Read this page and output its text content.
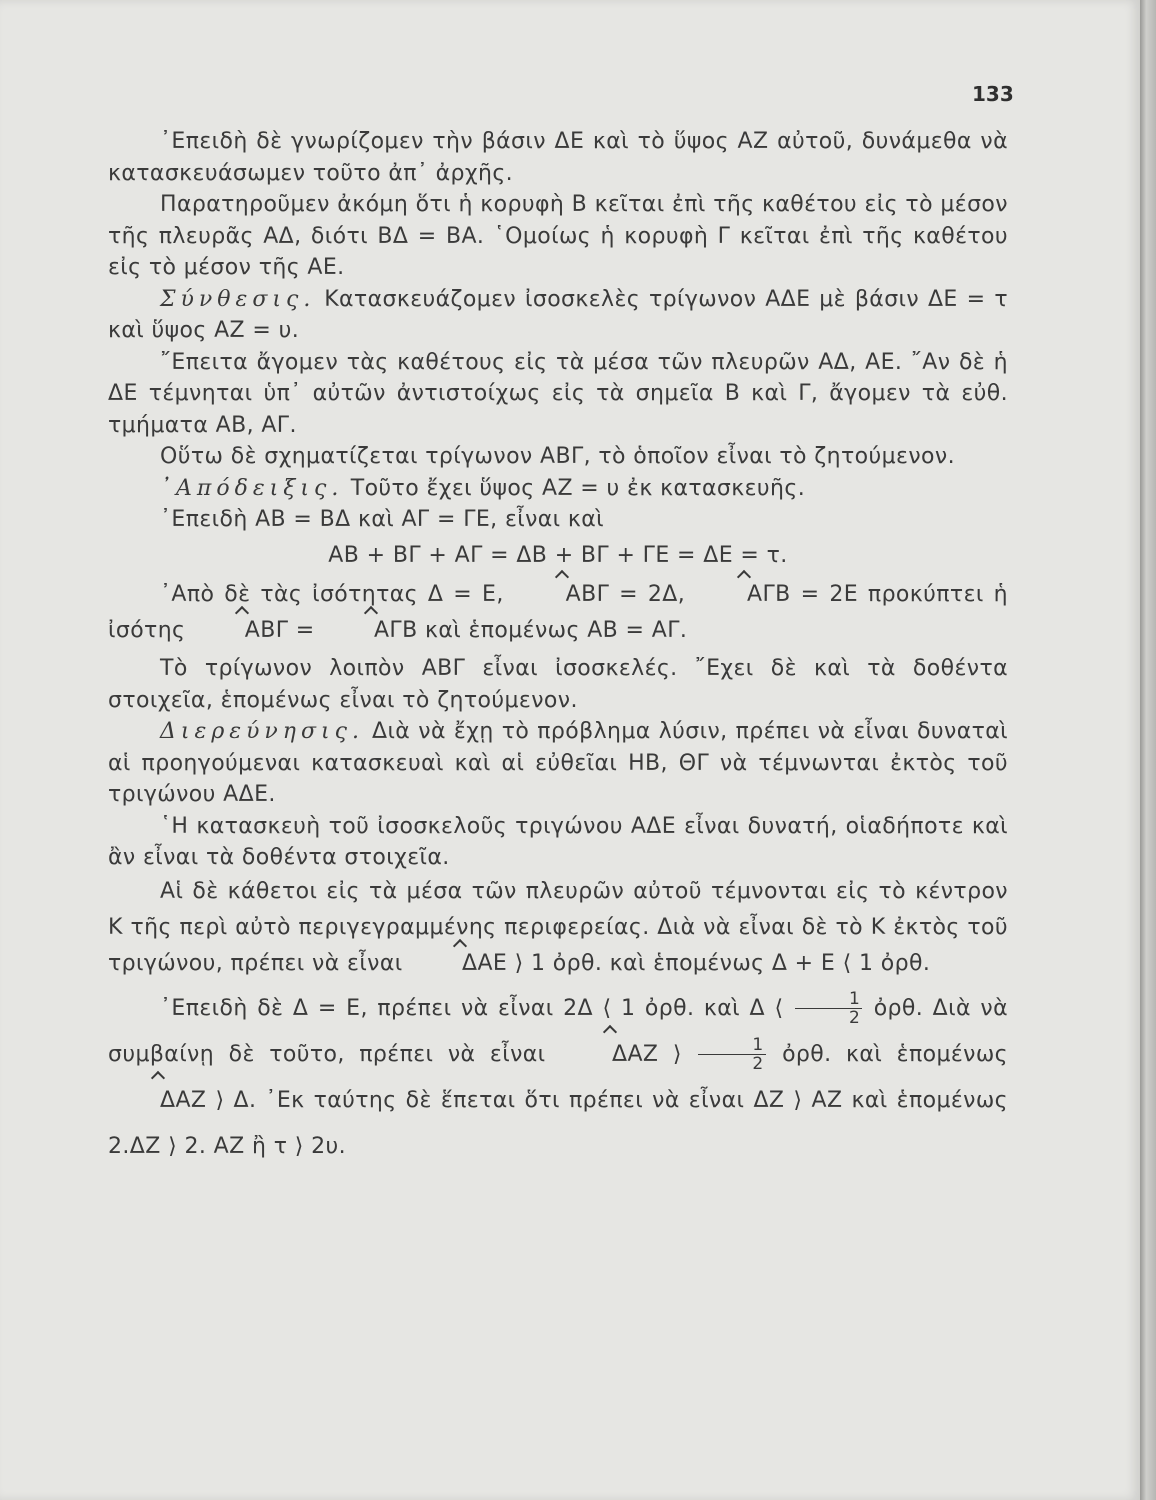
133

᾽Επειδὴ δὲ γνωρίζομεν τὴν βάσιν ΔΕ καὶ τὸ ὕψος ΑΖ αὐτοῦ, δυνάμεθα νὰ κατασκευάσωμεν τοῦτο ἀπ᾽ ἀρχῆς.

Παρατηροῦμεν ἀκόμη ὅτι ἡ κορυφὴ Β κεῖται ἐπὶ τῆς καθέτου εἰς τὸ μέσον τῆς πλευρᾶς ΑΔ, διότι ΒΔ = ΒΑ. ῾Ομοίως ἡ κορυφὴ Γ κεῖται ἐπὶ τῆς καθέτου εἰς τὸ μέσον τῆς ΑΕ.

Σύνθεσις. Κατασκευάζομεν ἰσοσκελὲς τρίγωνον ΑΔΕ μὲ βάσιν ΔΕ = τ καὶ ὕψος ΑΖ = υ.

῎Επειτα ἄγομεν τὰς καθέτους εἰς τὰ μέσα τῶν πλευρῶν ΑΔ, ΑΕ. ῎Αν δὲ ἡ ΔΕ τέμνηται ὑπ᾽ αὐτῶν ἀντιστοίχως εἰς τὰ σημεῖα Β καὶ Γ, ἄγομεν τὰ εὐθ. τμήματα ΑΒ, ΑΓ.

Οὕτω δὲ σχηματίζεται τρίγωνον ΑΒΓ, τὸ ὁποῖον εἶναι τὸ ζητούμενον.

᾽Απόδειξις. Τοῦτο ἔχει ὕψος ΑΖ = υ ἐκ κατασκευῆς.

᾽Επειδὴ ΑΒ = ΒΔ καὶ ΑΓ = ΓΕ, εἶναι καὶ

ΑΒ + ΒΓ + ΑΓ = ΔΒ + ΒΓ + ΓΕ = ΔΕ = τ.

᾽Απὸ δὲ τὰς ἰσότητας Δ = Ε, ΑΒΓ = 2Δ, ΑΓΒ = 2Ε προκύπτει ἡ ἰσότης ΑΒΓ = ΑΓΒ καὶ ἑπομένως ΑΒ = ΑΓ.

Τὸ τρίγωνον λοιπὸν ΑΒΓ εἶναι ἰσοσκελές. ῎Εχει δὲ καὶ τὰ δοθέντα στοιχεῖα, ἑπομένως εἶναι τὸ ζητούμενον.

Διερεύνησις. Διὰ νὰ ἔχῃ τὸ πρόβλημα λύσιν, πρέπει νὰ εἶναι δυναταὶ αἱ προηγούμεναι κατασκευαὶ καὶ αἱ εὐθεῖαι ΗΒ, ΘΓ νὰ τέμνωνται ἐκτὸς τοῦ τριγώνου ΑΔΕ.

῾Η κατασκευὴ τοῦ ἰσοσκελοῦς τριγώνου ΑΔΕ εἶναι δυνατή, οἱαδήποτε καὶ ἂν εἶναι τὰ δοθέντα στοιχεῖα.

Αἱ δὲ κάθετοι εἰς τὰ μέσα τῶν πλευρῶν αὐτοῦ τέμνονται εἰς τὸ κέντρον Κ τῆς περὶ αὐτὸ περιγεγραμμένης περιφερείας. Διὰ νὰ εἶναι δὲ τὸ Κ ἐκτὸς τοῦ τριγώνου, πρέπει νὰ εἶναι ΔΑΕ ⟩ 1 ὀρθ. καὶ ἑπομένως Δ + Ε ⟨ 1 ὀρθ.

᾽Επειδὴ δὲ Δ = Ε, πρέπει νὰ εἶναι 2Δ ⟨ 1 ὀρθ. καὶ Δ ⟨ $\frac{1}{2}$ ὀρθ. Διὰ νὰ συμβαίνῃ δὲ τοῦτο, πρέπει νὰ εἶναι ΔΑΖ ⟩ $\frac{1}{2}$ ὀρθ. καὶ ἑπομένως ΔΑΖ ⟩ Δ. ᾽Εκ ταύτης δὲ ἕπεται ὅτι πρέπει νὰ εἶναι ΔΖ ⟩ ΑΖ καὶ ἑπομένως 2.ΔΖ ⟩ 2. ΑΖ ἢ τ ⟩ 2υ.
